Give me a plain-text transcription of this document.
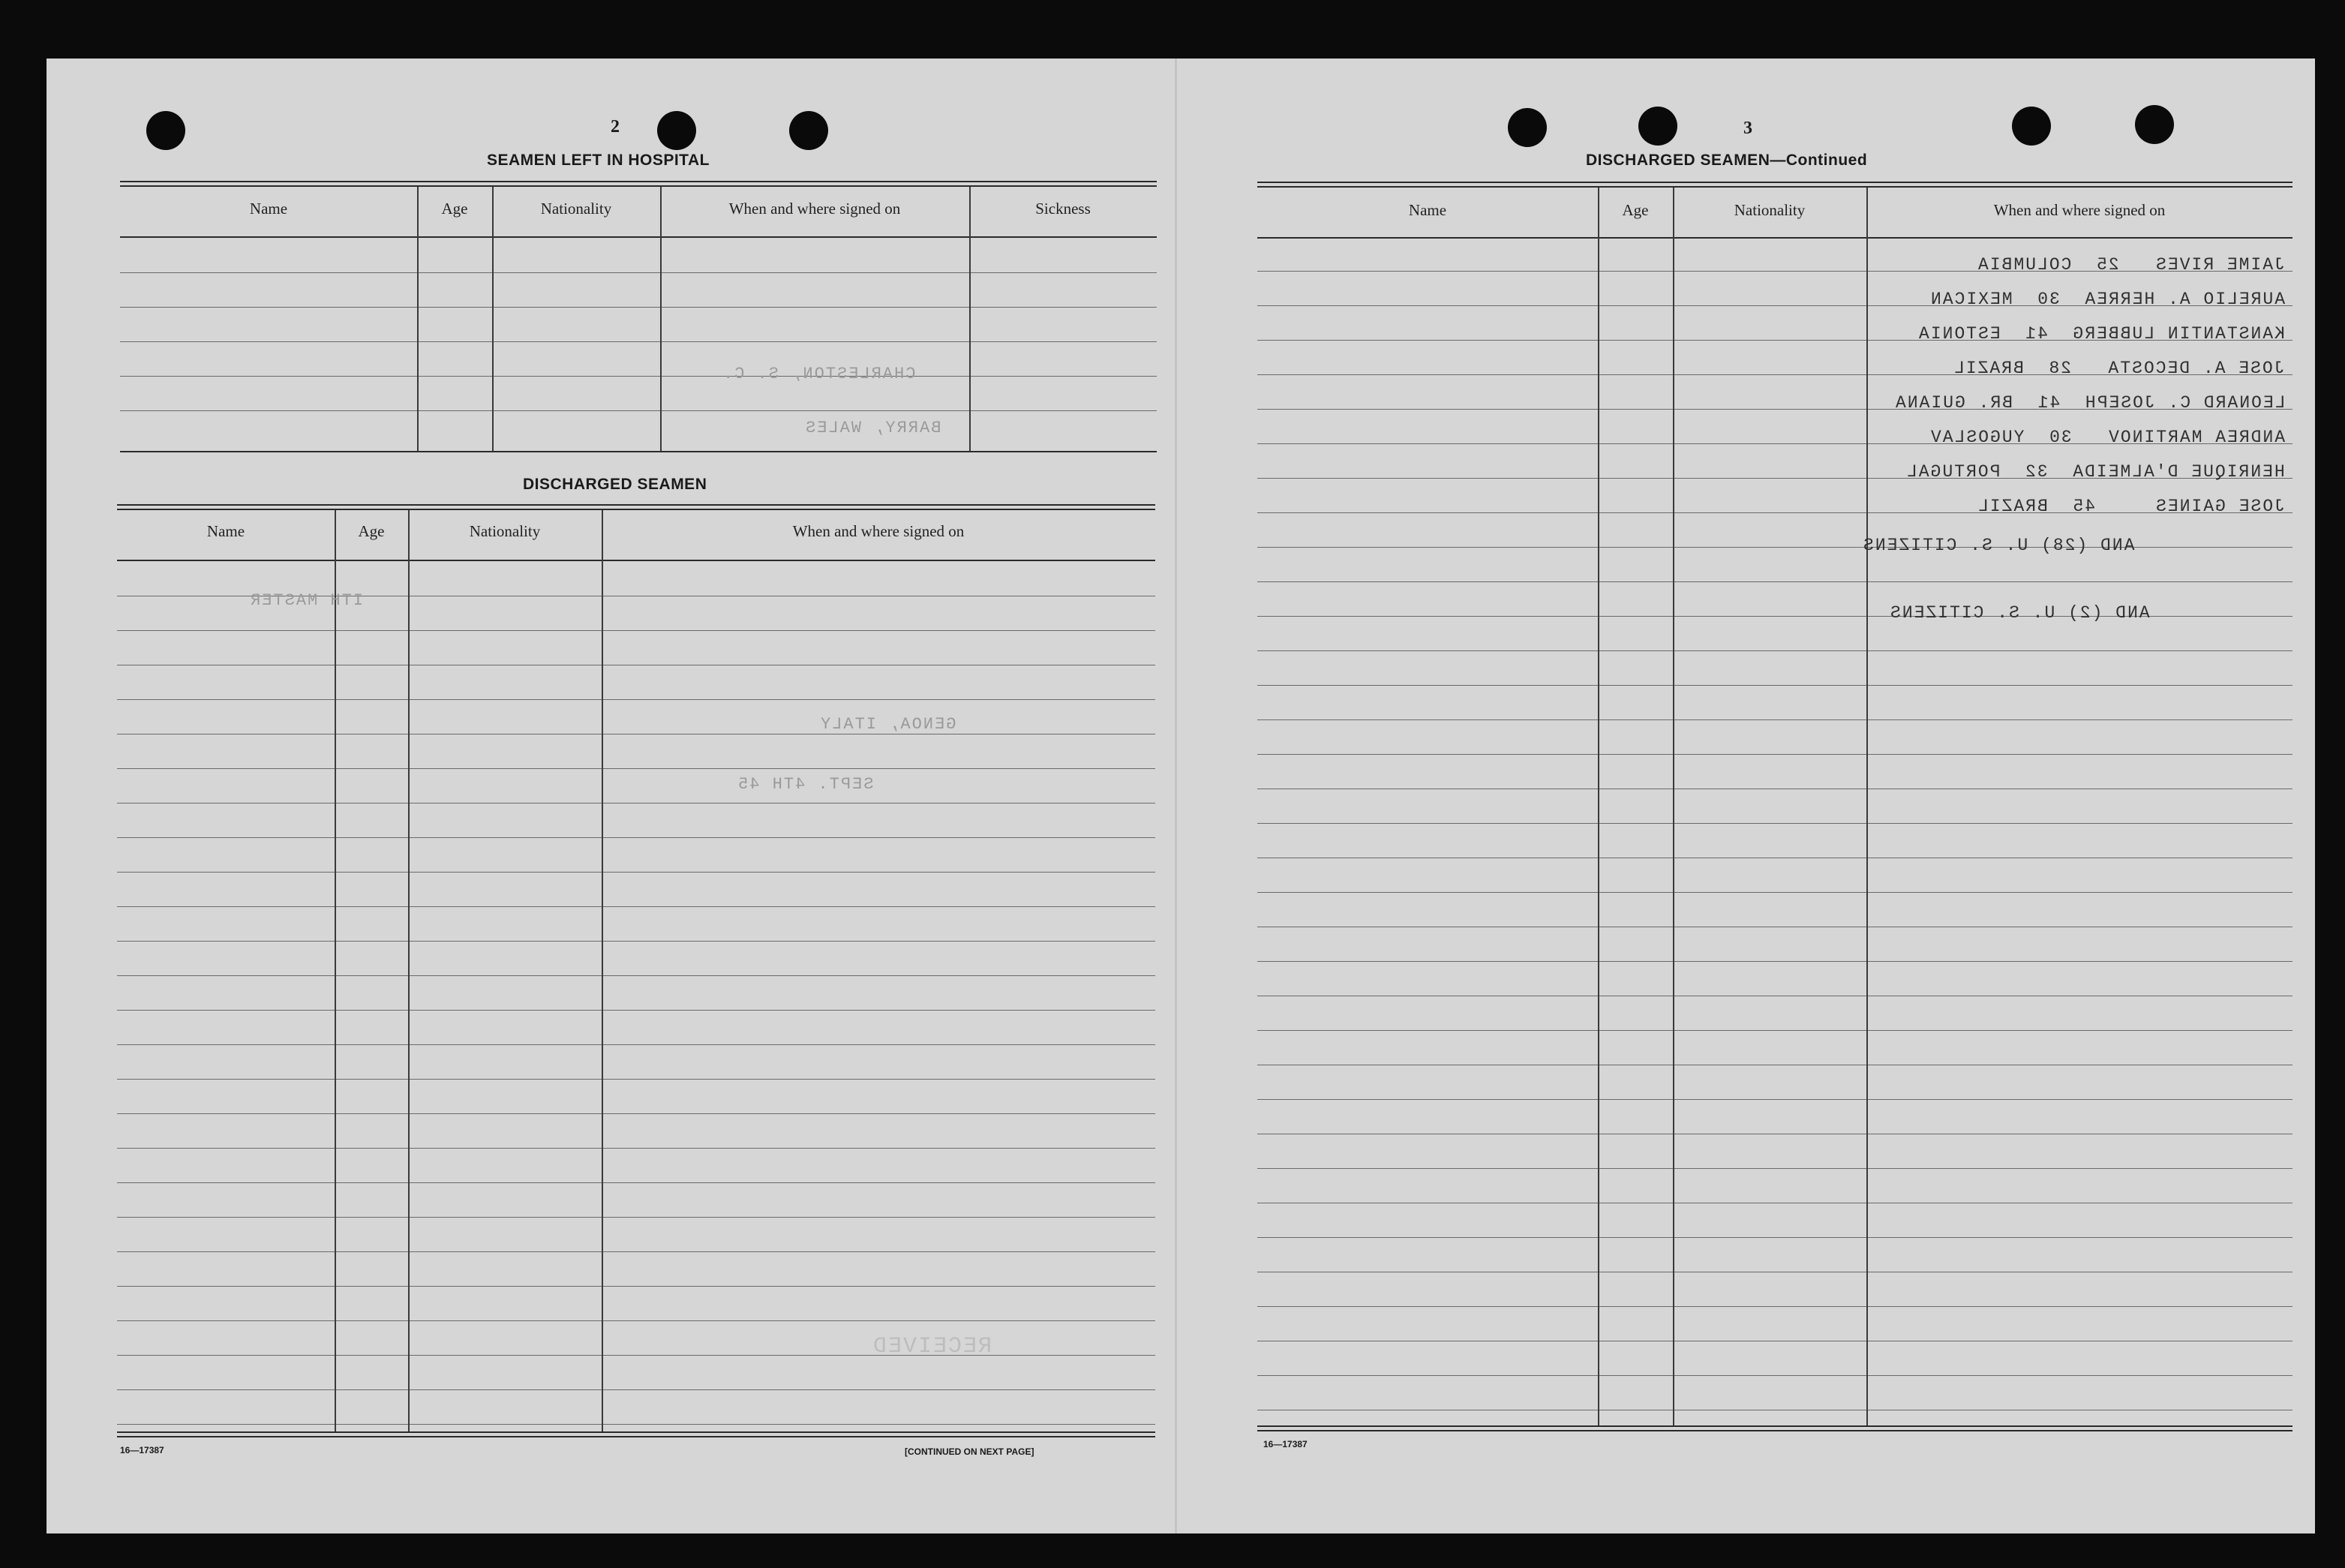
2
SEAMEN LEFT IN HOSPITAL
Name	Age	Nationality	When and where signed on	Sickness
BARRY, WALES
CHARLESTON, S. C.
DISCHARGED SEAMEN
Name	Age	Nationality	When and where signed on
ITH MASTER
GENOA, ITALY
SEPT. 4TH 45
RECEIVED
16—17387	[CONTINUED ON NEXT PAGE]
3
DISCHARGED SEAMEN—Continued
Name	Age	Nationality	When and where signed on
JAIME RIVES   25  COLUMBIA
AURELIO A. HERREA  30  MEXICAN
KANSTANTIN LUBBERG  41  ESTONIA
JOSE A. DECOSTA   28  BRAZIL
LEONARD C. JOSEPH  41  BR. GUIANA
ANDREA MARTINOV   30  YUGOSLAV
HENRIQUE D'ALMEIDA  32  PORTUGAL
JOSE GAINES     45  BRAZIL
AND (28) U. S. CITIZENS
AND (2) U. S. CITIZENS
16—17387
